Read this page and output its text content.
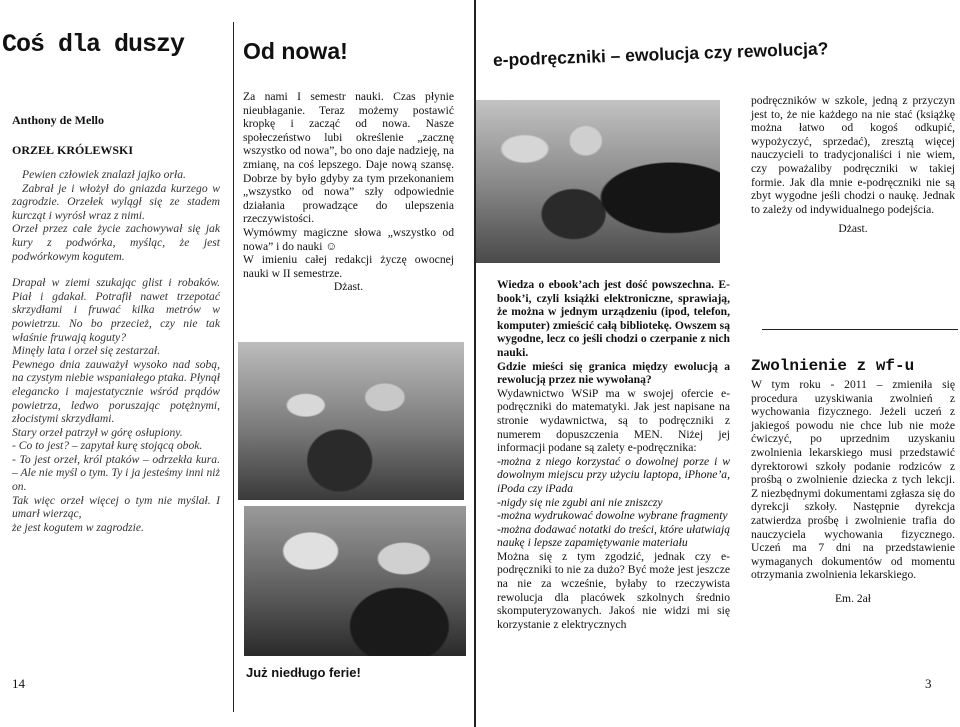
Coś dla duszy
Anthony de Mello
ORZEŁ KRÓLEWSKI

Pewien człowiek znalazł jajko orła.

Zabrał je i włożył do gniazda kurzego w zagrodzie. Orzełek wylągł się ze stadem kurcząt i wyrósł wraz z nimi.

Orzeł przez całe życie zachowywał się jak kury z podwórka, myśląc, że jest podwórkowym kogutem.

Drapał w ziemi szukając glist i robaków. Piał i gdakał. Potrafił nawet trzepotać skrzydłami i fruwać kilka metrów w powietrzu. No bo przecież, czy nie tak właśnie fruwają koguty?

Minęły lata i orzeł się zestarzał.

Pewnego dnia zauważył wysoko nad sobą, na czystym niebie wspaniałego ptaka. Płynął elegancko i majestatycznie wśród prądów powietrza, ledwo poruszając potężnymi, złocistymi skrzydłami.

Stary orzeł patrzył w górę osłupiony.

- Co to jest? – zapytał kurę stojącą obok.

- To jest orzeł, król ptaków – odrzekła kura. – Ale nie myśl o tym. Ty i ja jesteśmy inni niż on.

Tak więc orzeł więcej o tym nie myślał. I umarł wierząc,

że jest kogutem w zagrodzie.

14
Od nowa!

Za nami I semestr nauki. Czas płynie nieubłaganie. Teraz możemy postawić kropkę i zacząć od nowa. Nasze społeczeństwo lubi określenie „zacznę wszystko od nowa”, bo ono daje nadzieję, na zmianę, na coś lepszego. Daje nową szansę. Dobrze by było gdyby za tym przekonaniem „wszystko od nowa” szły odpowiednie działania prowadzące do ulepszenia rzeczywistości.

Wymówmy magiczne słowa „wszystko od nowa” i do nauki ☺

W imieniu całej redakcji życzę owocnej nauki w II semestrze.

Dżast.

Już niedługo ferie!
e-podręczniki – ewolucja czy rewolucja?

Wiedza o ebook’ach jest dość powszechna. E-book’i, czyli książki elektroniczne, sprawiają, że można w jednym urządzeniu (ipod, telefon, komputer) zmieścić całą bibliotekę. Owszem są wygodne, lecz co jeśli chodzi o czerpanie z nich nauki.

Gdzie mieści się granica między ewolucją a rewolucją przez nie wywołaną?

Wydawnictwo WSiP ma w swojej ofercie e-podręczniki do matematyki. Jak jest napisane na stronie wydawnictwa, są to podręczniki z numerem dopuszczenia MEN. Niżej jej informacji podane są zalety e-podręcznika:

-można z niego korzystać o dowolnej porze i w dowolnym miejscu przy użyciu laptopa, iPhone’a, iPoda czy iPada

-nigdy się nie zgubi ani nie zniszczy

-można wydrukować dowolne wybrane fragmenty

-można dodawać notatki do treści, które ułatwiają naukę i lepsze zapamiętywanie materiału

Można się z tym zgodzić, jednak czy e-podręczniki to nie za dużo? Być może jest jeszcze na nie za wcześnie, byłaby to rzeczywista rewolucja dla placówek szkolnych średnio skomputeryzowanych. Jakoś nie widzi mi się korzystanie z elektrycznych

podręczników w szkole, jedną z przyczyn jest to, że nie każdego na nie stać (książkę można łatwo od kogoś odkupić, wypożyczyć, sprzedać), zresztą więcej nauczycieli to tradycjonaliści i nie wiem, czy poważaliby podręczniki w takiej formie. Jak dla mnie e-podręczniki nie są zbyt wygodne jeśli chodzi o naukę. Jednak to zależy od indywidualnego podejścia.

Dżast.

Zwolnienie z wf-u

W tym roku - 2011 – zmieniła się procedura uzyskiwania zwolnień z wychowania fizycznego. Jeżeli uczeń z jakiegoś powodu nie chce lub nie może ćwiczyć, po uprzednim uzyskaniu zwolnienia lekarskiego musi przedstawić dyrektorowi szkoły podanie rodziców z prośbą o zwolnienie dziecka z tych lekcji. Z niezbędnymi dokumentami zgłasza się do dyrekcji szkoły. Następnie dyrekcja zatwierdza prośbę i zwolnienie trafia do nauczyciela wychowania fizycznego. Uczeń ma 7 dni na przedstawienie wymaganych dokumentów od momentu otrzymania zwolnienia lekarskiego.

Em. 2ał

3
